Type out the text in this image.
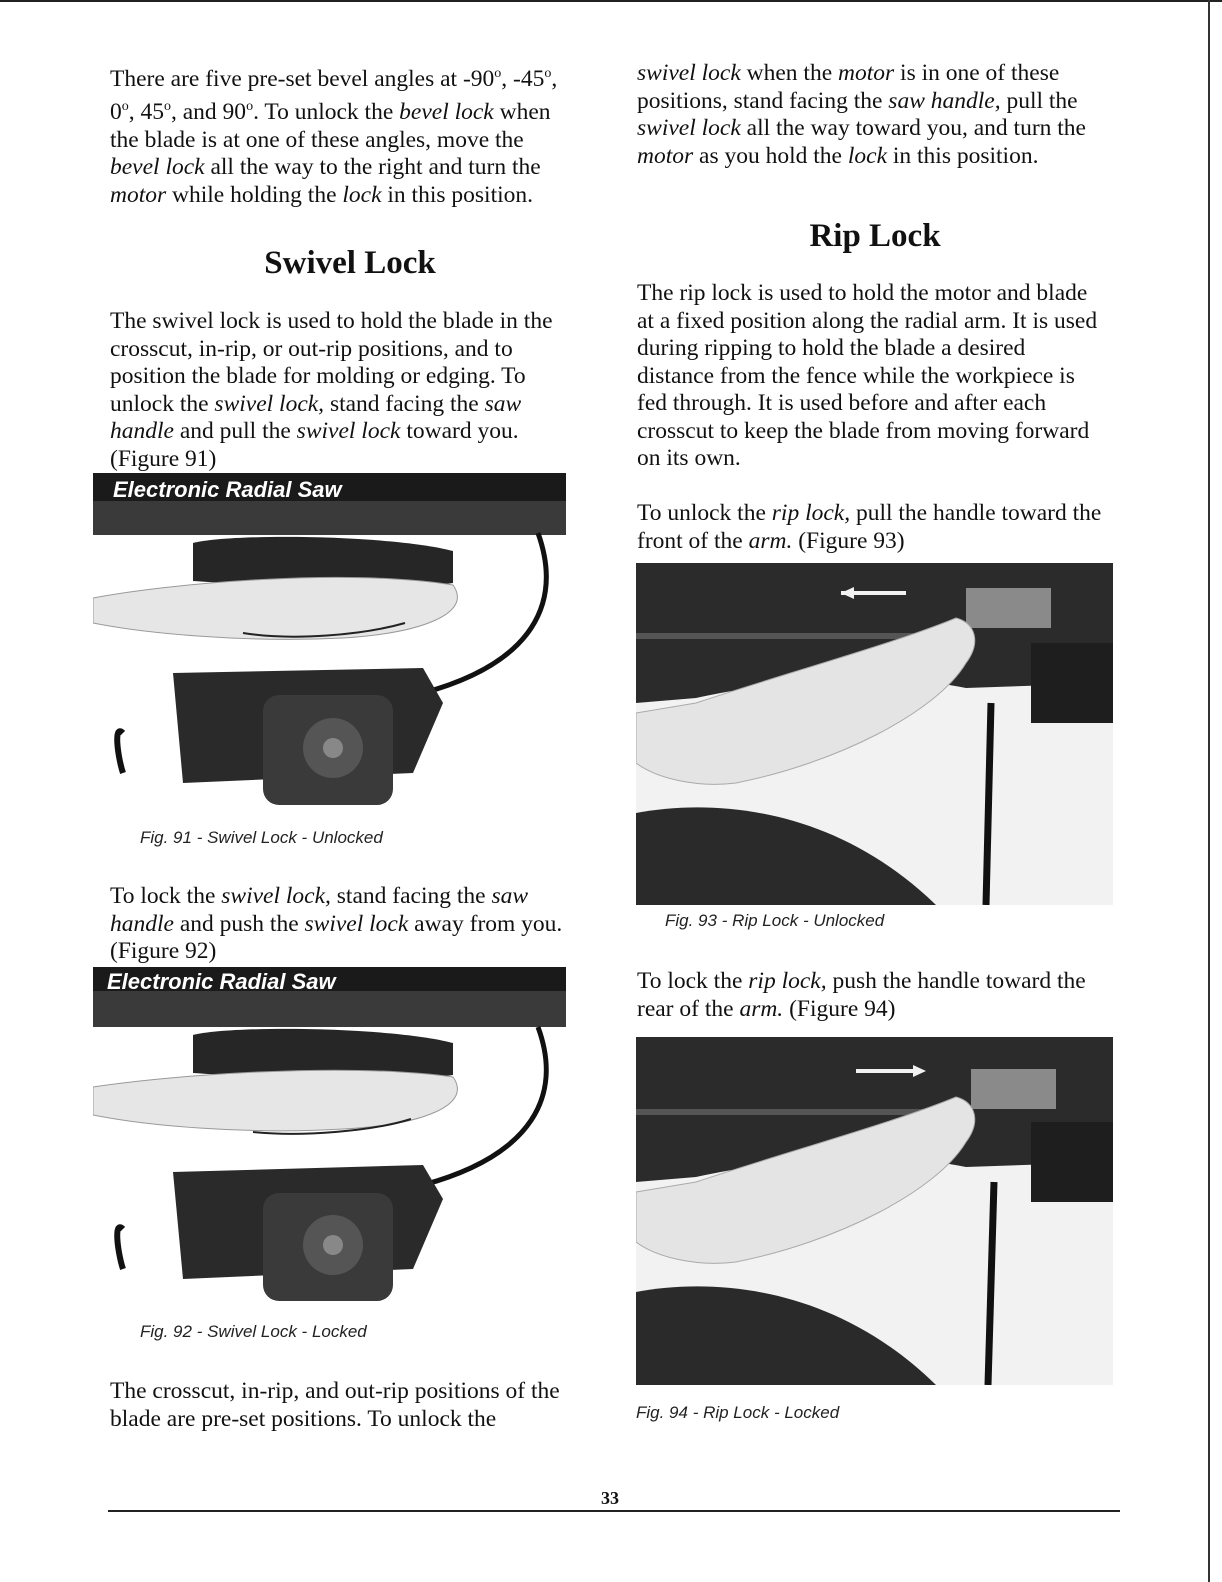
There are five pre-set bevel angles at -90$^o$, -45$^o$, 0$^o$, 45$^o$, and 90$^o$. To unlock the bevel lock when the blade is at one of these angles, move the bevel lock all the way to the right and turn the motor while holding the lock in this position.

Swivel Lock

The swivel lock is used to hold the blade in the crosscut, in-rip, or out-rip positions, and to position the blade for molding or edging. To unlock the swivel lock, stand facing the saw handle and pull the swivel lock toward you. (Figure 91)

Electronic Radial Saw

Fig. 91 - Swivel Lock - Unlocked

To lock the swivel lock, stand facing the saw handle and push the swivel lock away from you. (Figure 92)

Electronic Radial Saw

Fig. 92 - Swivel Lock - Locked

The crosscut, in-rip, and out-rip positions of the blade are pre-set positions. To unlock the

swivel lock when the motor is in one of these positions, stand facing the saw handle, pull the swivel lock all the way toward you, and turn the motor as you hold the lock in this position.

Rip Lock

The rip lock is used to hold the motor and blade at a fixed position along the radial arm. It is used during ripping to hold the blade a desired distance from the fence while the workpiece is fed through. It is used before and after each crosscut to keep the blade from moving forward on its own.

To unlock the rip lock, pull the handle toward the front of the arm. (Figure 93)

Fig. 93 - Rip Lock - Unlocked

To lock the rip lock, push the handle toward the rear of the arm. (Figure 94)

Fig. 94 - Rip Lock - Locked

33
